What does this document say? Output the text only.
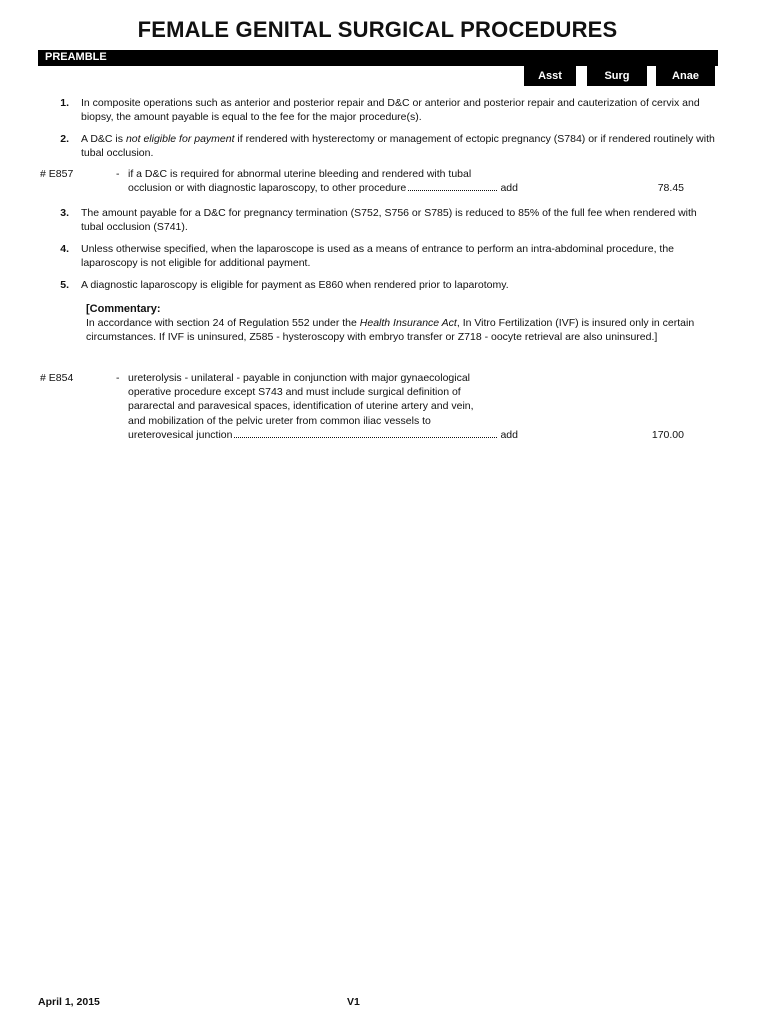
FEMALE GENITAL SURGICAL PROCEDURES
PREAMBLE
Asst	Surg	Anae
1. In composite operations such as anterior and posterior repair and D&C or anterior and posterior repair and cauterization of cervix and biopsy, the amount payable is equal to the fee for the major procedure(s).
2. A D&C is not eligible for payment if rendered with hysterectomy or management of ectopic pregnancy (S784) or if rendered routinely with tubal occlusion.
# E857	- if a D&C is required for abnormal uterine bleeding and rendered with tubal
occlusion or with diagnostic laparoscopy, to other procedure	add	78.45
3. The amount payable for a D&C for pregnancy termination (S752, S756 or S785) is reduced to 85% of the full fee when rendered with tubal occlusion (S741).
4. Unless otherwise specified, when the laparoscope is used as a means of entrance to perform an intra-abdominal procedure, the laparoscopy is not eligible for additional payment.
5. A diagnostic laparoscopy is eligible for payment as E860 when rendered prior to laparotomy.
[Commentary:
In accordance with section 24 of Regulation 552 under the Health Insurance Act, In Vitro Fertilization (IVF) is insured only in certain circumstances. If IVF is uninsured, Z585 - hysteroscopy with embryo transfer or Z718 - oocyte retrieval are also uninsured.]
# E854	- ureterolysis - unilateral - payable in conjunction with major gynaecological
operative procedure except S743 and must include surgical definition of
pararectal and paravesical spaces, identification of uterine artery and vein,
and mobilization of the pelvic ureter from common iliac vessels to
ureterovesical junction	add	170.00
April 1, 2015	V1
